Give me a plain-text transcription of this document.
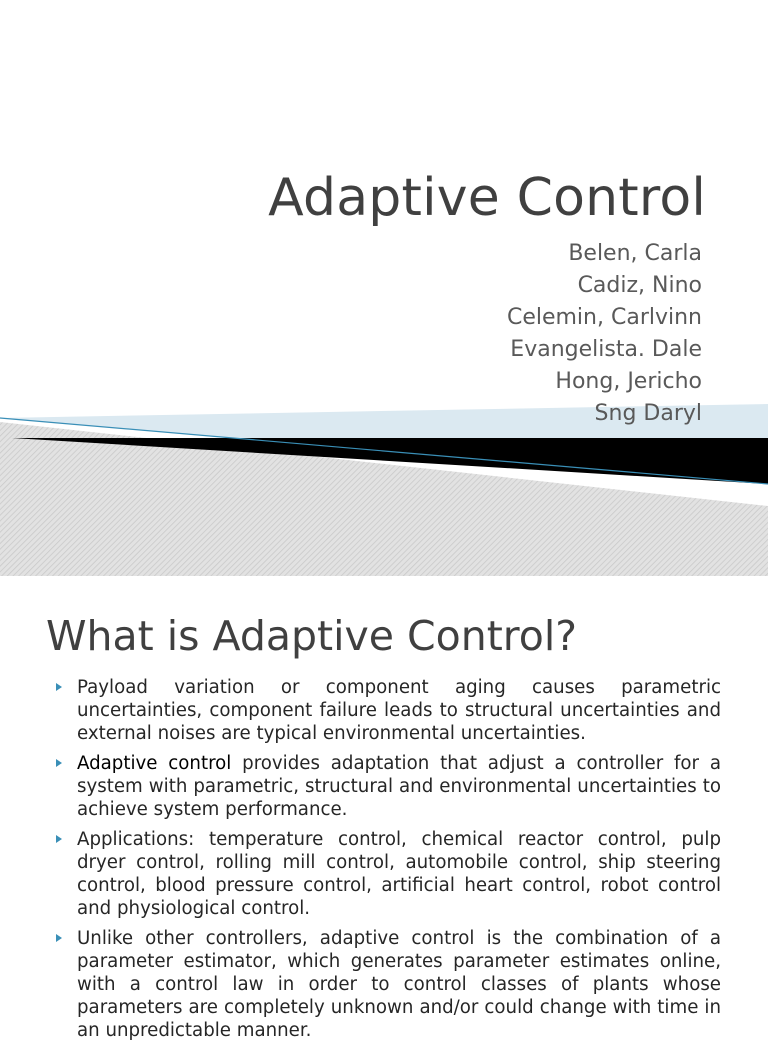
Adaptive Control
Belen, Carla
Cadiz, Nino
Celemin, Carlvinn
Evangelista. Dale
Hong, Jericho
Sng Daryl
What is Adaptive Control?
Payload variation or component aging causes parametric uncertainties, component failure leads to structural uncertainties and external noises are typical environmental uncertainties.
Adaptive control provides adaptation that adjust a controller for a system with parametric, structural and environmental uncertainties to achieve system performance.
Applications: temperature control, chemical reactor control, pulp dryer control, rolling mill control, automobile control, ship steering control, blood pressure control, artificial heart control, robot control and physiological control.
Unlike other controllers, adaptive control is the combination of a parameter estimator, which generates parameter estimates online, with a control law in order to control classes of plants whose parameters are completely unknown and/or could change with time in an unpredictable manner.
